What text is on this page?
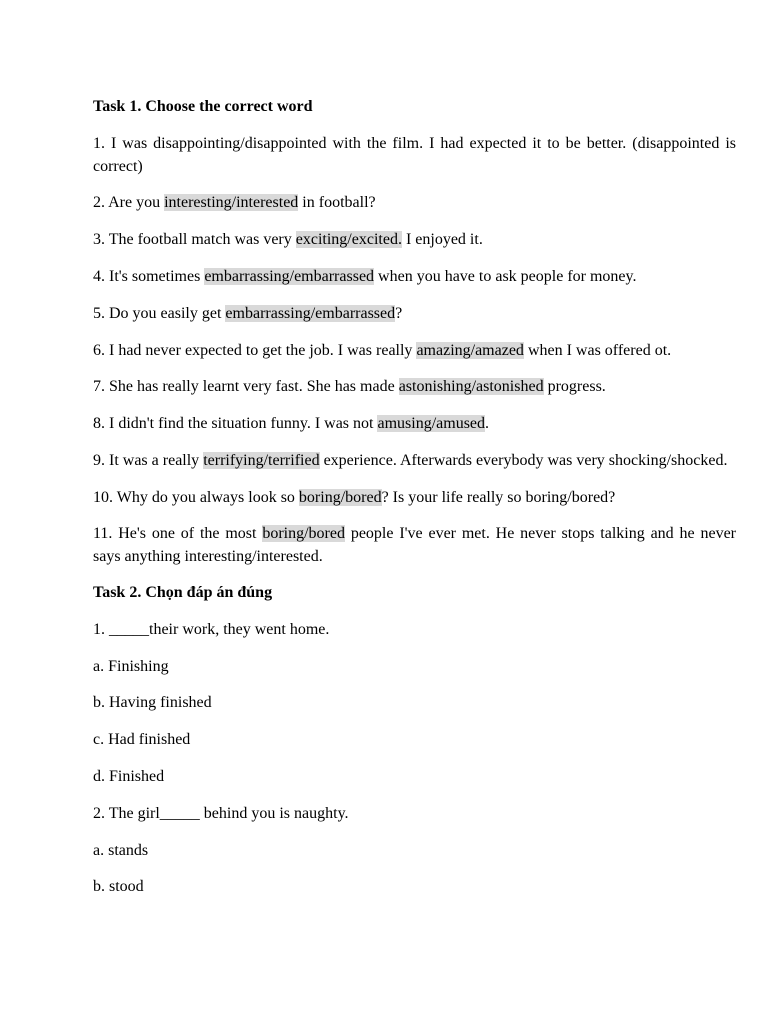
Task 1. Choose the correct word

1. I was disappointing/disappointed with the film. I had expected it to be better. (disappointed is correct)

2. Are you interesting/interested in football?

3. The football match was very exciting/excited. I enjoyed it.

4. It's sometimes embarrassing/embarrassed when you have to ask people for money.

5. Do you easily get embarrassing/embarrassed?

6. I had never expected to get the job. I was really amazing/amazed when I was offered ot.

7. She has really learnt very fast. She has made astonishing/astonished progress.

8. I didn't find the situation funny. I was not amusing/amused.

9. It was a really terrifying/terrified experience. Afterwards everybody was very shocking/shocked.

10. Why do you always look so boring/bored? Is your life really so boring/bored?

11. He's one of the most boring/bored people I've ever met. He never stops talking and he never says anything interesting/interested.

Task 2. Chọn đáp án đúng

1. _____their work, they went home.

a. Finishing

b. Having finished

c. Had finished

d. Finished

2. The girl_____ behind you is naughty.

a. stands

b. stood
